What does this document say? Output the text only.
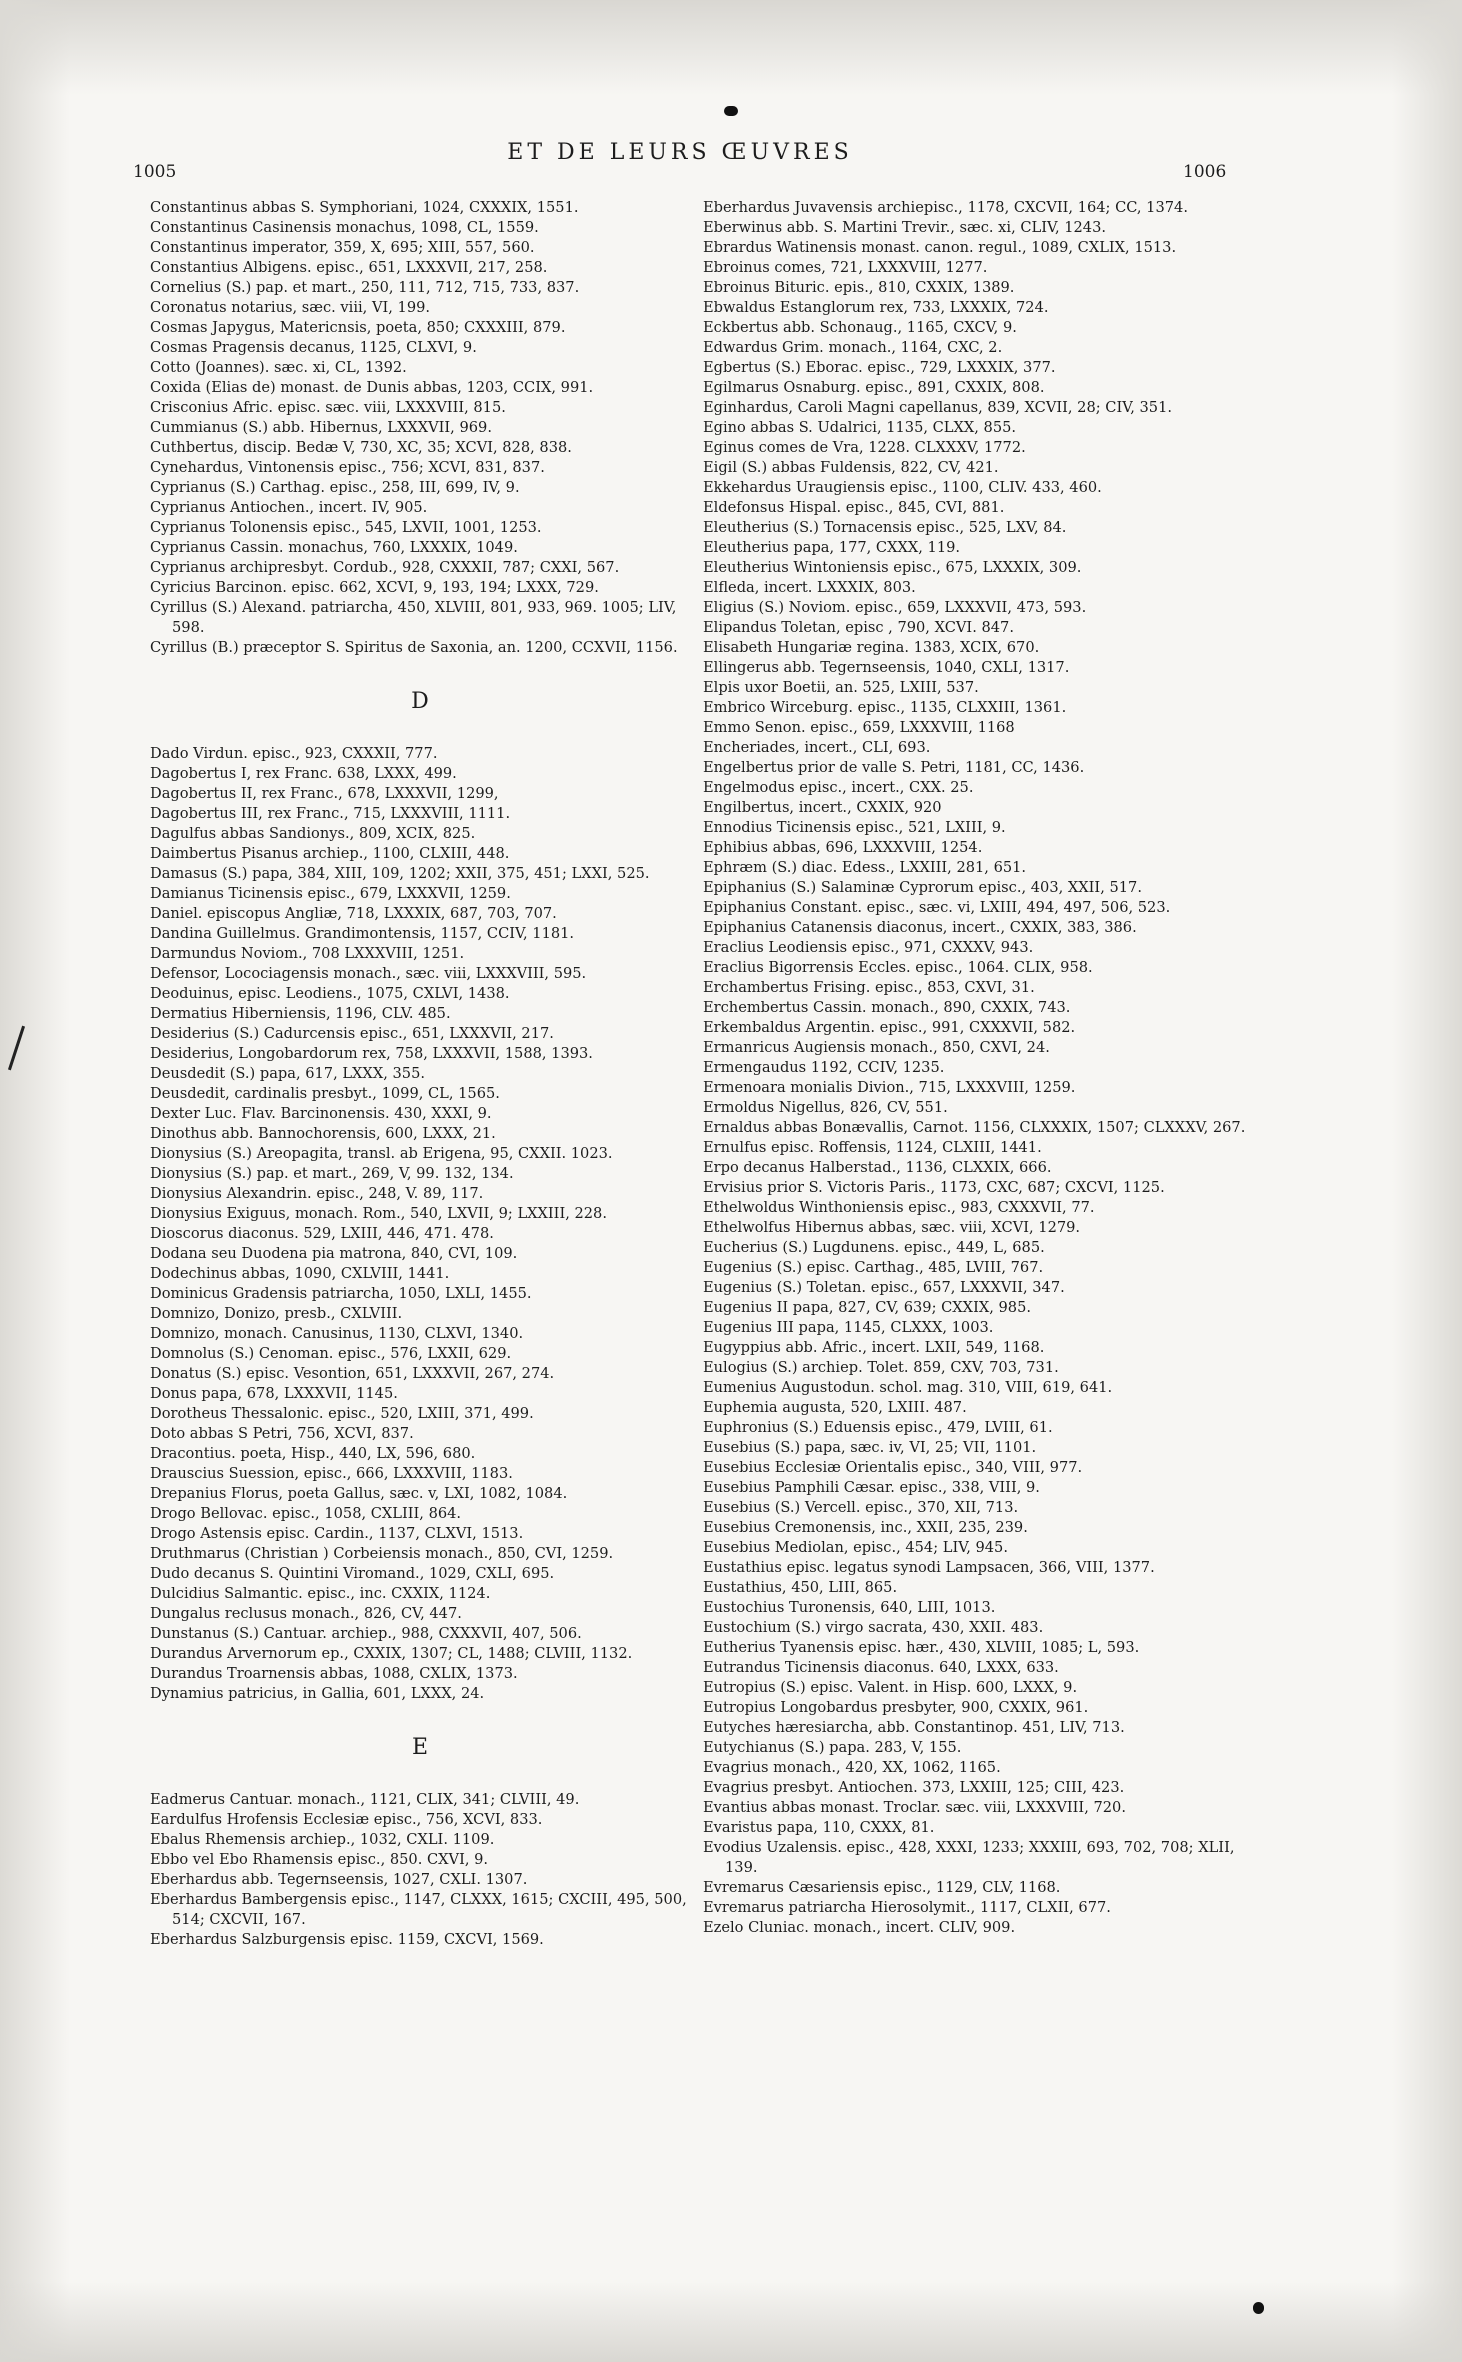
1005
ET DE LEURS ŒUVRES
1006

Constantinus abbas S. Symphoriani, 1024, CXXXIX, 1551.

Constantinus Casinensis monachus, 1098, CL, 1559.

Constantinus imperator, 359, X, 695; XIII, 557, 560.

Constantius Albigens. episc., 651, LXXXVII, 217, 258.

Cornelius (S.) pap. et mart., 250, 111, 712, 715, 733, 837.

Coronatus notarius, sæc. viii, VI, 199.

Cosmas Japygus, Matericnsis, poeta, 850; CXXXIII, 879.

Cosmas Pragensis decanus, 1125, CLXVI, 9.

Cotto (Joannes). sæc. xi, CL, 1392.

Coxida (Elias de) monast. de Dunis abbas, 1203, CCIX, 991.

Crisconius Afric. episc. sæc. viii, LXXXVIII, 815.

Cummianus (S.) abb. Hibernus, LXXXVII, 969.

Cuthbertus, discip. Bedæ V, 730, XC, 35; XCVI, 828, 838.

Cynehardus, Vintonensis episc., 756; XCVI, 831, 837.

Cyprianus (S.) Carthag. episc., 258, III, 699, IV, 9.

Cyprianus Antiochen., incert. IV, 905.

Cyprianus Tolonensis episc., 545, LXVII, 1001, 1253.

Cyprianus Cassin. monachus, 760, LXXXIX, 1049.

Cyprianus archipresbyt. Cordub., 928, CXXXII, 787; CXXI, 567.

Cyricius Barcinon. episc. 662, XCVI, 9, 193, 194; LXXX, 729.

Cyrillus (S.) Alexand. patriarcha, 450, XLVIII, 801, 933, 969. 1005; LIV, 598.

Cyrillus (B.) præceptor S. Spiritus de Saxonia, an. 1200, CCXVII, 1156.

D

Dado Virdun. episc., 923, CXXXII, 777.

Dagobertus I, rex Franc. 638, LXXX, 499.

Dagobertus II, rex Franc., 678, LXXXVII, 1299,

Dagobertus III, rex Franc., 715, LXXXVIII, 1111.

Dagulfus abbas Sandionys., 809, XCIX, 825.

Daimbertus Pisanus archiep., 1100, CLXIII, 448.

Damasus (S.) papa, 384, XIII, 109, 1202; XXII, 375, 451; LXXI, 525.

Damianus Ticinensis episc., 679, LXXXVII, 1259.

Daniel. episcopus Angliæ, 718, LXXXIX, 687, 703, 707.

Dandina Guillelmus. Grandimontensis, 1157, CCIV, 1181.

Darmundus Noviom., 708 LXXXVIII, 1251.

Defensor, Locociagensis monach., sæc. viii, LXXXVIII, 595.

Deoduinus, episc. Leodiens., 1075, CXLVI, 1438.

Dermatius Hiberniensis, 1196, CLV. 485.

Desiderius (S.) Cadurcensis episc., 651, LXXXVII, 217.

Desiderius, Longobardorum rex, 758, LXXXVII, 1588, 1393.

Deusdedit (S.) papa, 617, LXXX, 355.

Deusdedit, cardinalis presbyt., 1099, CL, 1565.

Dexter Luc. Flav. Barcinonensis. 430, XXXI, 9.

Dinothus abb. Bannochorensis, 600, LXXX, 21.

Dionysius (S.) Areopagita, transl. ab Erigena, 95, CXXII. 1023.

Dionysius (S.) pap. et mart., 269, V, 99. 132, 134.

Dionysius Alexandrin. episc., 248, V. 89, 117.

Dionysius Exiguus, monach. Rom., 540, LXVII, 9; LXXIII, 228.

Dioscorus diaconus. 529, LXIII, 446, 471. 478.

Dodana seu Duodena pia matrona, 840, CVI, 109.

Dodechinus abbas, 1090, CXLVIII, 1441.

Dominicus Gradensis patriarcha, 1050, LXLI, 1455.

Domnizo, Donizo, presb., CXLVIII.

Domnizo, monach. Canusinus, 1130, CLXVI, 1340.

Domnolus (S.) Cenoman. episc., 576, LXXII, 629.

Donatus (S.) episc. Vesontion, 651, LXXXVII, 267, 274.

Donus papa, 678, LXXXVII, 1145.

Dorotheus Thessalonic. episc., 520, LXIII, 371, 499.

Doto abbas S Petri, 756, XCVI, 837.

Dracontius. poeta, Hisp., 440, LX, 596, 680.

Drauscius Suession, episc., 666, LXXXVIII, 1183.

Drepanius Florus, poeta Gallus, sæc. v, LXI, 1082, 1084.

Drogo Bellovac. episc., 1058, CXLIII, 864.

Drogo Astensis episc. Cardin., 1137, CLXVI, 1513.

Druthmarus (Christian ) Corbeiensis monach., 850, CVI, 1259.

Dudo decanus S. Quintini Viromand., 1029, CXLI, 695.

Dulcidius Salmantic. episc., inc. CXXIX, 1124.

Dungalus reclusus monach., 826, CV, 447.

Dunstanus (S.) Cantuar. archiep., 988, CXXXVII, 407, 506.

Durandus Arvernorum ep., CXXIX, 1307; CL, 1488; CLVIII, 1132.

Durandus Troarnensis abbas, 1088, CXLIX, 1373.

Dynamius patricius, in Gallia, 601, LXXX, 24.

E

Eadmerus Cantuar. monach., 1121, CLIX, 341; CLVIII, 49.

Eardulfus Hrofensis Ecclesiæ episc., 756, XCVI, 833.

Ebalus Rhemensis archiep., 1032, CXLI. 1109.

Ebbo vel Ebo Rhamensis episc., 850. CXVI, 9.

Eberhardus abb. Tegernseensis, 1027, CXLI. 1307.

Eberhardus Bambergensis episc., 1147, CLXXX, 1615; CXCIII, 495, 500, 514; CXCVII, 167.

Eberhardus Salzburgensis episc. 1159, CXCVI, 1569.

Eberhardus Juvavensis archiepisc., 1178, CXCVII, 164; CC, 1374.

Eberwinus abb. S. Martini Trevir., sæc. xi, CLIV, 1243.

Ebrardus Watinensis monast. canon. regul., 1089, CXLIX, 1513.

Ebroinus comes, 721, LXXXVIII, 1277.

Ebroinus Bituric. epis., 810, CXXIX, 1389.

Ebwaldus Estanglorum rex, 733, LXXXIX, 724.

Eckbertus abb. Schonaug., 1165, CXCV, 9.

Edwardus Grim. monach., 1164, CXC, 2.

Egbertus (S.) Eborac. episc., 729, LXXXIX, 377.

Egilmarus Osnaburg. episc., 891, CXXIX, 808.

Eginhardus, Caroli Magni capellanus, 839, XCVII, 28; CIV, 351.

Egino abbas S. Udalrici, 1135, CLXX, 855.

Eginus comes de Vra, 1228. CLXXXV, 1772.

Eigil (S.) abbas Fuldensis, 822, CV, 421.

Ekkehardus Uraugiensis episc., 1100, CLIV. 433, 460.

Eldefonsus Hispal. episc., 845, CVI, 881.

Eleutherius (S.) Tornacensis episc., 525, LXV, 84.

Eleutherius papa, 177, CXXX, 119.

Eleutherius Wintoniensis episc., 675, LXXXIX, 309.

Elfleda, incert. LXXXIX, 803.

Eligius (S.) Noviom. episc., 659, LXXXVII, 473, 593.

Elipandus Toletan, episc , 790, XCVI. 847.

Elisabeth Hungariæ regina. 1383, XCIX, 670.

Ellingerus abb. Tegernseensis, 1040, CXLI, 1317.

Elpis uxor Boetii, an. 525, LXIII, 537.

Embrico Wirceburg. episc., 1135, CLXXIII, 1361.

Emmo Senon. episc., 659, LXXXVIII, 1168

Encheriades, incert., CLI, 693.

Engelbertus prior de valle S. Petri, 1181, CC, 1436.

Engelmodus episc., incert., CXX. 25.

Engilbertus, incert., CXXIX, 920

Ennodius Ticinensis episc., 521, LXIII, 9.

Ephibius abbas, 696, LXXXVIII, 1254.

Ephræm (S.) diac. Edess., LXXIII, 281, 651.

Epiphanius (S.) Salaminæ Cyprorum episc., 403, XXII, 517.

Epiphanius Constant. episc., sæc. vi, LXIII, 494, 497, 506, 523.

Epiphanius Catanensis diaconus, incert., CXXIX, 383, 386.

Eraclius Leodiensis episc., 971, CXXXV, 943.

Eraclius Bigorrensis Eccles. episc., 1064. CLIX, 958.

Erchambertus Frising. episc., 853, CXVI, 31.

Erchembertus Cassin. monach., 890, CXXIX, 743.

Erkembaldus Argentin. episc., 991, CXXXVII, 582.

Ermanricus Augiensis monach., 850, CXVI, 24.

Ermengaudus 1192, CCIV, 1235.

Ermenoara monialis Divion., 715, LXXXVIII, 1259.

Ermoldus Nigellus, 826, CV, 551.

Ernaldus abbas Bonævallis, Carnot. 1156, CLXXXIX, 1507; CLXXXV, 267.

Ernulfus episc. Roffensis, 1124, CLXIII, 1441.

Erpo decanus Halberstad., 1136, CLXXIX, 666.

Ervisius prior S. Victoris Paris., 1173, CXC, 687; CXCVI, 1125.

Ethelwoldus Winthoniensis episc., 983, CXXXVII, 77.

Ethelwolfus Hibernus abbas, sæc. viii, XCVI, 1279.

Eucherius (S.) Lugdunens. episc., 449, L, 685.

Eugenius (S.) episc. Carthag., 485, LVIII, 767.

Eugenius (S.) Toletan. episc., 657, LXXXVII, 347.

Eugenius II papa, 827, CV, 639; CXXIX, 985.

Eugenius III papa, 1145, CLXXX, 1003.

Eugyppius abb. Afric., incert. LXII, 549, 1168.

Eulogius (S.) archiep. Tolet. 859, CXV, 703, 731.

Eumenius Augustodun. schol. mag. 310, VIII, 619, 641.

Euphemia augusta, 520, LXIII. 487.

Euphronius (S.) Eduensis episc., 479, LVIII, 61.

Eusebius (S.) papa, sæc. iv, VI, 25; VII, 1101.

Eusebius Ecclesiæ Orientalis episc., 340, VIII, 977.

Eusebius Pamphili Cæsar. episc., 338, VIII, 9.

Eusebius (S.) Vercell. episc., 370, XII, 713.

Eusebius Cremonensis, inc., XXII, 235, 239.

Eusebius Mediolan, episc., 454; LIV, 945.

Eustathius episc. legatus synodi Lampsacen, 366, VIII, 1377.

Eustathius, 450, LIII, 865.

Eustochius Turonensis, 640, LIII, 1013.

Eustochium (S.) virgo sacrata, 430, XXII. 483.

Eutherius Tyanensis episc. hær., 430, XLVIII, 1085; L, 593.

Eutrandus Ticinensis diaconus. 640, LXXX, 633.

Eutropius (S.) episc. Valent. in Hisp. 600, LXXX, 9.

Eutropius Longobardus presbyter, 900, CXXIX, 961.

Eutyches hæresiarcha, abb. Constantinop. 451, LIV, 713.

Eutychianus (S.) papa. 283, V, 155.

Evagrius monach., 420, XX, 1062, 1165.

Evagrius presbyt. Antiochen. 373, LXXIII, 125; CIII, 423.

Evantius abbas monast. Troclar. sæc. viii, LXXXVIII, 720.

Evaristus papa, 110, CXXX, 81.

Evodius Uzalensis. episc., 428, XXXI, 1233; XXXIII, 693, 702, 708; XLII, 139.

Evremarus Cæsariensis episc., 1129, CLV, 1168.

Evremarus patriarcha Hierosolymit., 1117, CLXII, 677.

Ezelo Cluniac. monach., incert. CLIV, 909.
